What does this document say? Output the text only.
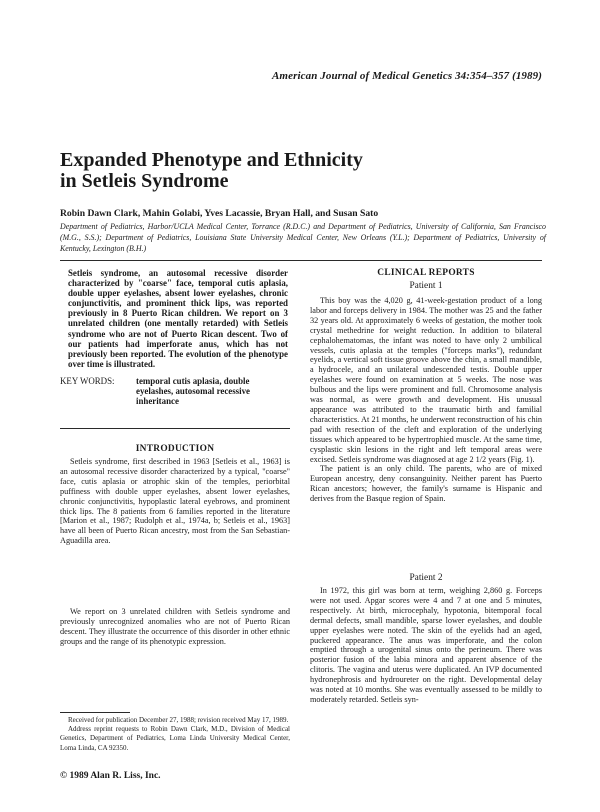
American Journal of Medical Genetics 34:354–357 (1989)
Expanded Phenotype and Ethnicity
in Setleis Syndrome
Robin Dawn Clark, Mahin Golabi, Yves Lacassie, Bryan Hall, and Susan Sato
Department of Pediatrics, Harbor/UCLA Medical Center, Torrance (R.D.C.) and Department of Pediatrics, University of California, San Francisco (M.G., S.S.); Department of Pediatrics, Louisiana State University Medical Center, New Orleans (Y.L.); Department of Pediatrics, University of Kentucky, Lexington (B.H.)
Setleis syndrome, an autosomal recessive disorder characterized by "coarse" face, temporal cutis aplasia, double upper eyelashes, absent lower eyelashes, chronic conjunctivitis, and prominent thick lips, was reported previously in 8 Puerto Rican children. We report on 3 unrelated children (one mentally retarded) with Setleis syndrome who are not of Puerto Rican descent. Two of our patients had imperforate anus, which has not previously been reported. The evolution of the phenotype over time is illustrated.
KEY WORDS: temporal cutis aplasia, double eyelashes, autosomal recessive inheritance
INTRODUCTION

Setleis syndrome, first described in 1963 [Setleis et al., 1963] is an autosomal recessive disorder characterized by a typical, "coarse" face, cutis aplasia or atrophic skin of the temples, periorbital puffiness with double upper eyelashes, absent lower eyelashes, chronic conjunctivitis, hypoplastic lateral eyebrows, and prominent thick lips. The 8 patients from 6 families reported in the literature [Marion et al., 1987; Rudolph et al., 1974a, b; Setleis et al., 1963] have all been of Puerto Rican ancestry, most from the San Sebastian-Aguadilla area.

We report on 3 unrelated children with Setleis syndrome and previously unrecognized anomalies who are not of Puerto Rican descent. They illustrate the occurrence of this disorder in other ethnic groups and the range of its phenotypic expression.

Received for publication December 27, 1988; revision received May 17, 1989.

Address reprint requests to Robin Dawn Clark, M.D., Division of Medical Genetics, Department of Pediatrics, Loma Linda University Medical Center, Loma Linda, CA 92350.

© 1989 Alan R. Liss, Inc.
CLINICAL REPORTS
Patient 1

This boy was the 4,020 g, 41-week-gestation product of a long labor and forceps delivery in 1984. The mother was 25 and the father 32 years old. At approximately 6 weeks of gestation, the mother took crystal methedrine for weight reduction. In addition to bilateral cephalohematomas, the infant was noted to have only 2 umbilical vessels, cutis aplasia at the temples ("forceps marks"), redundant eyelids, a vertical soft tissue groove above the chin, a small mandible, a hydrocele, and an unilateral undescended testis. Double upper eyelashes were found on examination at 5 weeks. The nose was bulbous and the lips were prominent and full. Chromosome analysis was normal, as were growth and development. His unusual appearance was attributed to the traumatic birth and familial characteristics. At 21 months, he underwent reconstruction of his chin pad with resection of the cleft and exploration of the underlying tissues which appeared to be hypertrophied muscle. At the same time, cysplastic skin lesions in the right and left temporal areas were excised. Setleis syndrome was diagnosed at age 2 1/2 years (Fig. 1).

The patient is an only child. The parents, who are of mixed European ancestry, deny consanguinity. Neither parent has Puerto Rican ancestors; however, the family's surname is Hispanic and derives from the Basque region of Spain.

Patient 2

In 1972, this girl was born at term, weighing 2,860 g. Forceps were not used. Apgar scores were 4 and 7 at one and 5 minutes, respectively. At birth, microcephaly, hypotonia, bitemporal focal dermal defects, small mandible, sparse lower eyelashes, and double upper eyelashes were noted. The skin of the eyelids had an aged, puckered appearance. The anus was imperforate, and the colon emptied through a urogenital sinus onto the perineum. There was posterior fusion of the labia minora and apparent absence of the clitoris. The vagina and uterus were duplicated. An IVP documented hydronephrosis and hydroureter on the right. Developmental delay was noted at 10 months. She was eventually assessed to be mildly to moderately retarded. Setleis syn-
